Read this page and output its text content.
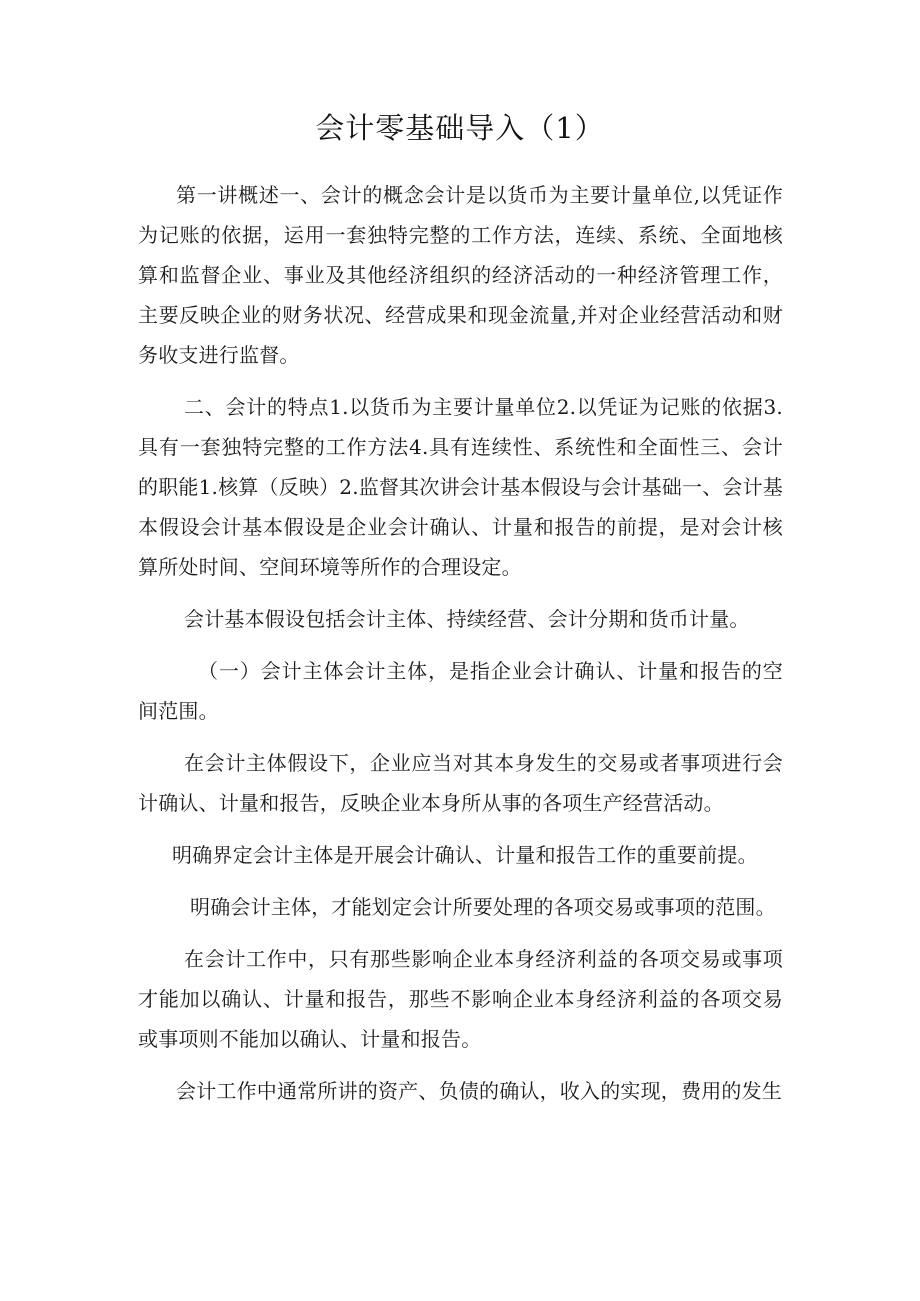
会计零基础导入（1）

第一讲概述一、会计的概念会计是以货币为主要计量单位,以凭证作为记账的依据，运用一套独特完整的工作方法，连续、系统、全面地核算和监督企业、事业及其他经济组织的经济活动的一种经济管理工作，主要反映企业的财务状况、经营成果和现金流量,并对企业经营活动和财务收支进行监督。

二、会计的特点1.以货币为主要计量单位2.以凭证为记账的依据3.具有一套独特完整的工作方法4.具有连续性、系统性和全面性三、会计的职能1.核算（反映）2.监督其次讲会计基本假设与会计基础一、会计基本假设会计基本假设是企业会计确认、计量和报告的前提，是对会计核算所处时间、空间环境等所作的合理设定。

会计基本假设包括会计主体、持续经营、会计分期和货币计量。

（一）会计主体会计主体，是指企业会计确认、计量和报告的空间范围。

在会计主体假设下，企业应当对其本身发生的交易或者事项进行会计确认、计量和报告，反映企业本身所从事的各项生产经营活动。

明确界定会计主体是开展会计确认、计量和报告工作的重要前提。

明确会计主体，才能划定会计所要处理的各项交易或事项的范围。

在会计工作中，只有那些影响企业本身经济利益的各项交易或事项才能加以确认、计量和报告，那些不影响企业本身经济利益的各项交易或事项则不能加以确认、计量和报告。

会计工作中通常所讲的资产、负债的确认，收入的实现，费用的发生
